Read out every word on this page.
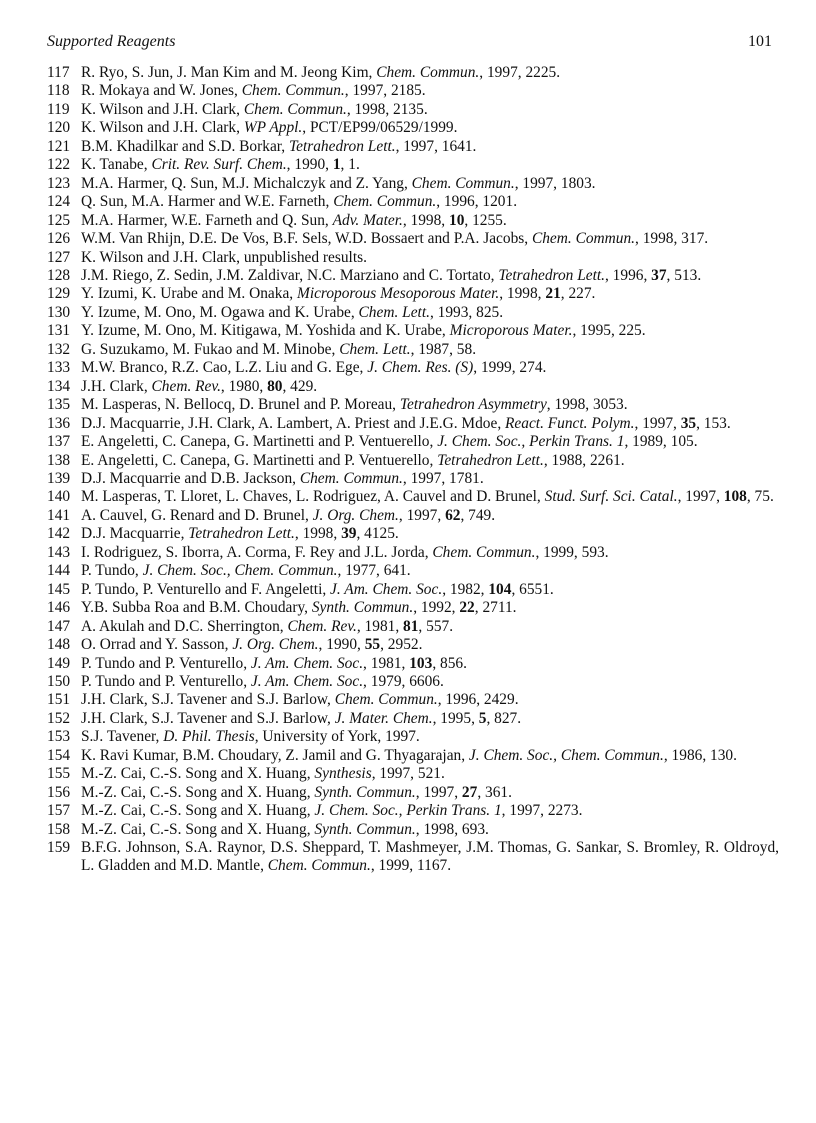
Supported Reagents	101
117 R. Ryo, S. Jun, J. Man Kim and M. Jeong Kim, Chem. Commun., 1997, 2225.
118 R. Mokaya and W. Jones, Chem. Commun., 1997, 2185.
119 K. Wilson and J.H. Clark, Chem. Commun., 1998, 2135.
120 K. Wilson and J.H. Clark, WP Appl., PCT/EP99/06529/1999.
121 B.M. Khadilkar and S.D. Borkar, Tetrahedron Lett., 1997, 1641.
122 K. Tanabe, Crit. Rev. Surf. Chem., 1990, 1, 1.
123 M.A. Harmer, Q. Sun, M.J. Michalczyk and Z. Yang, Chem. Commun., 1997, 1803.
124 Q. Sun, M.A. Harmer and W.E. Farneth, Chem. Commun., 1996, 1201.
125 M.A. Harmer, W.E. Farneth and Q. Sun, Adv. Mater., 1998, 10, 1255.
126 W.M. Van Rhijn, D.E. De Vos, B.F. Sels, W.D. Bossaert and P.A. Jacobs, Chem. Commun., 1998, 317.
127 K. Wilson and J.H. Clark, unpublished results.
128 J.M. Riego, Z. Sedin, J.M. Zaldivar, N.C. Marziano and C. Tortato, Tetrahedron Lett., 1996, 37, 513.
129 Y. Izumi, K. Urabe and M. Onaka, Microporous Mesoporous Mater., 1998, 21, 227.
130 Y. Izume, M. Ono, M. Ogawa and K. Urabe, Chem. Lett., 1993, 825.
131 Y. Izume, M. Ono, M. Kitigawa, M. Yoshida and K. Urabe, Microporous Mater., 1995, 225.
132 G. Suzukamo, M. Fukao and M. Minobe, Chem. Lett., 1987, 58.
133 M.W. Branco, R.Z. Cao, L.Z. Liu and G. Ege, J. Chem. Res. (S), 1999, 274.
134 J.H. Clark, Chem. Rev., 1980, 80, 429.
135 M. Lasperas, N. Bellocq, D. Brunel and P. Moreau, Tetrahedron Asymmetry, 1998, 3053.
136 D.J. Macquarrie, J.H. Clark, A. Lambert, A. Priest and J.E.G. Mdoe, React. Funct. Polym., 1997, 35, 153.
137 E. Angeletti, C. Canepa, G. Martinetti and P. Ventuerello, J. Chem. Soc., Perkin Trans. 1, 1989, 105.
138 E. Angeletti, C. Canepa, G. Martinetti and P. Ventuerello, Tetrahedron Lett., 1988, 2261.
139 D.J. Macquarrie and D.B. Jackson, Chem. Commun., 1997, 1781.
140 M. Lasperas, T. Lloret, L. Chaves, L. Rodriguez, A. Cauvel and D. Brunel, Stud. Surf. Sci. Catal., 1997, 108, 75.
141 A. Cauvel, G. Renard and D. Brunel, J. Org. Chem., 1997, 62, 749.
142 D.J. Macquarrie, Tetrahedron Lett., 1998, 39, 4125.
143 I. Rodriguez, S. Iborra, A. Corma, F. Rey and J.L. Jorda, Chem. Commun., 1999, 593.
144 P. Tundo, J. Chem. Soc., Chem. Commun., 1977, 641.
145 P. Tundo, P. Venturello and F. Angeletti, J. Am. Chem. Soc., 1982, 104, 6551.
146 Y.B. Subba Roa and B.M. Choudary, Synth. Commun., 1992, 22, 2711.
147 A. Akulah and D.C. Sherrington, Chem. Rev., 1981, 81, 557.
148 O. Orrad and Y. Sasson, J. Org. Chem., 1990, 55, 2952.
149 P. Tundo and P. Venturello, J. Am. Chem. Soc., 1981, 103, 856.
150 P. Tundo and P. Venturello, J. Am. Chem. Soc., 1979, 6606.
151 J.H. Clark, S.J. Tavener and S.J. Barlow, Chem. Commun., 1996, 2429.
152 J.H. Clark, S.J. Tavener and S.J. Barlow, J. Mater. Chem., 1995, 5, 827.
153 S.J. Tavener, D. Phil. Thesis, University of York, 1997.
154 K. Ravi Kumar, B.M. Choudary, Z. Jamil and G. Thyagarajan, J. Chem. Soc., Chem. Commun., 1986, 130.
155 M.-Z. Cai, C.-S. Song and X. Huang, Synthesis, 1997, 521.
156 M.-Z. Cai, C.-S. Song and X. Huang, Synth. Commun., 1997, 27, 361.
157 M.-Z. Cai, C.-S. Song and X. Huang, J. Chem. Soc., Perkin Trans. 1, 1997, 2273.
158 M.-Z. Cai, C.-S. Song and X. Huang, Synth. Commun., 1998, 693.
159 B.F.G. Johnson, S.A. Raynor, D.S. Sheppard, T. Mashmeyer, J.M. Thomas, G. Sankar, S. Bromley, R. Oldroyd, L. Gladden and M.D. Mantle, Chem. Commun., 1999, 1167.
